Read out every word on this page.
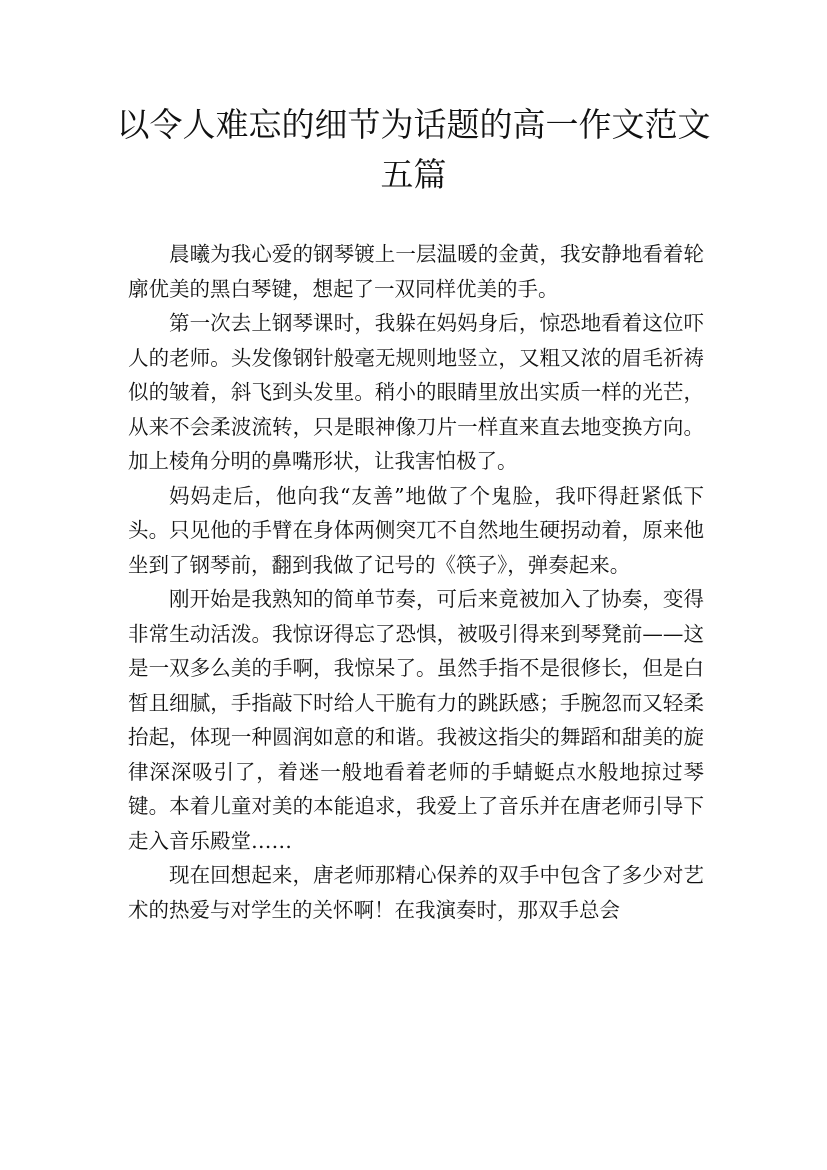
以令人难忘的细节为话题的高一作文范文
五篇

晨曦为我心爱的钢琴镀上一层温暖的金黄，我安静地看着轮廓优美的黑白琴键，想起了一双同样优美的手。

第一次去上钢琴课时，我躲在妈妈身后，惊恐地看着这位吓人的老师。头发像钢针般毫无规则地竖立，又粗又浓的眉毛祈祷似的皱着，斜飞到头发里。稍小的眼睛里放出实质一样的光芒，从来不会柔波流转，只是眼神像刀片一样直来直去地变换方向。加上棱角分明的鼻嘴形状，让我害怕极了。

妈妈走后，他向我“友善”地做了个鬼脸，我吓得赶紧低下头。只见他的手臂在身体两侧突兀不自然地生硬拐动着，原来他坐到了钢琴前，翻到我做了记号的《筷子》，弹奏起来。

刚开始是我熟知的简单节奏，可后来竟被加入了协奏，变得非常生动活泼。我惊讶得忘了恐惧，被吸引得来到琴凳前——这是一双多么美的手啊，我惊呆了。虽然手指不是很修长，但是白皙且细腻，手指敲下时给人干脆有力的跳跃感；手腕忽而又轻柔抬起，体现一种圆润如意的和谐。我被这指尖的舞蹈和甜美的旋律深深吸引了，着迷一般地看着老师的手蜻蜓点水般地掠过琴键。本着儿童对美的本能追求，我爱上了音乐并在唐老师引导下走入音乐殿堂……

现在回想起来，唐老师那精心保养的双手中包含了多少对艺术的热爱与对学生的关怀啊！在我演奏时，那双手总会
